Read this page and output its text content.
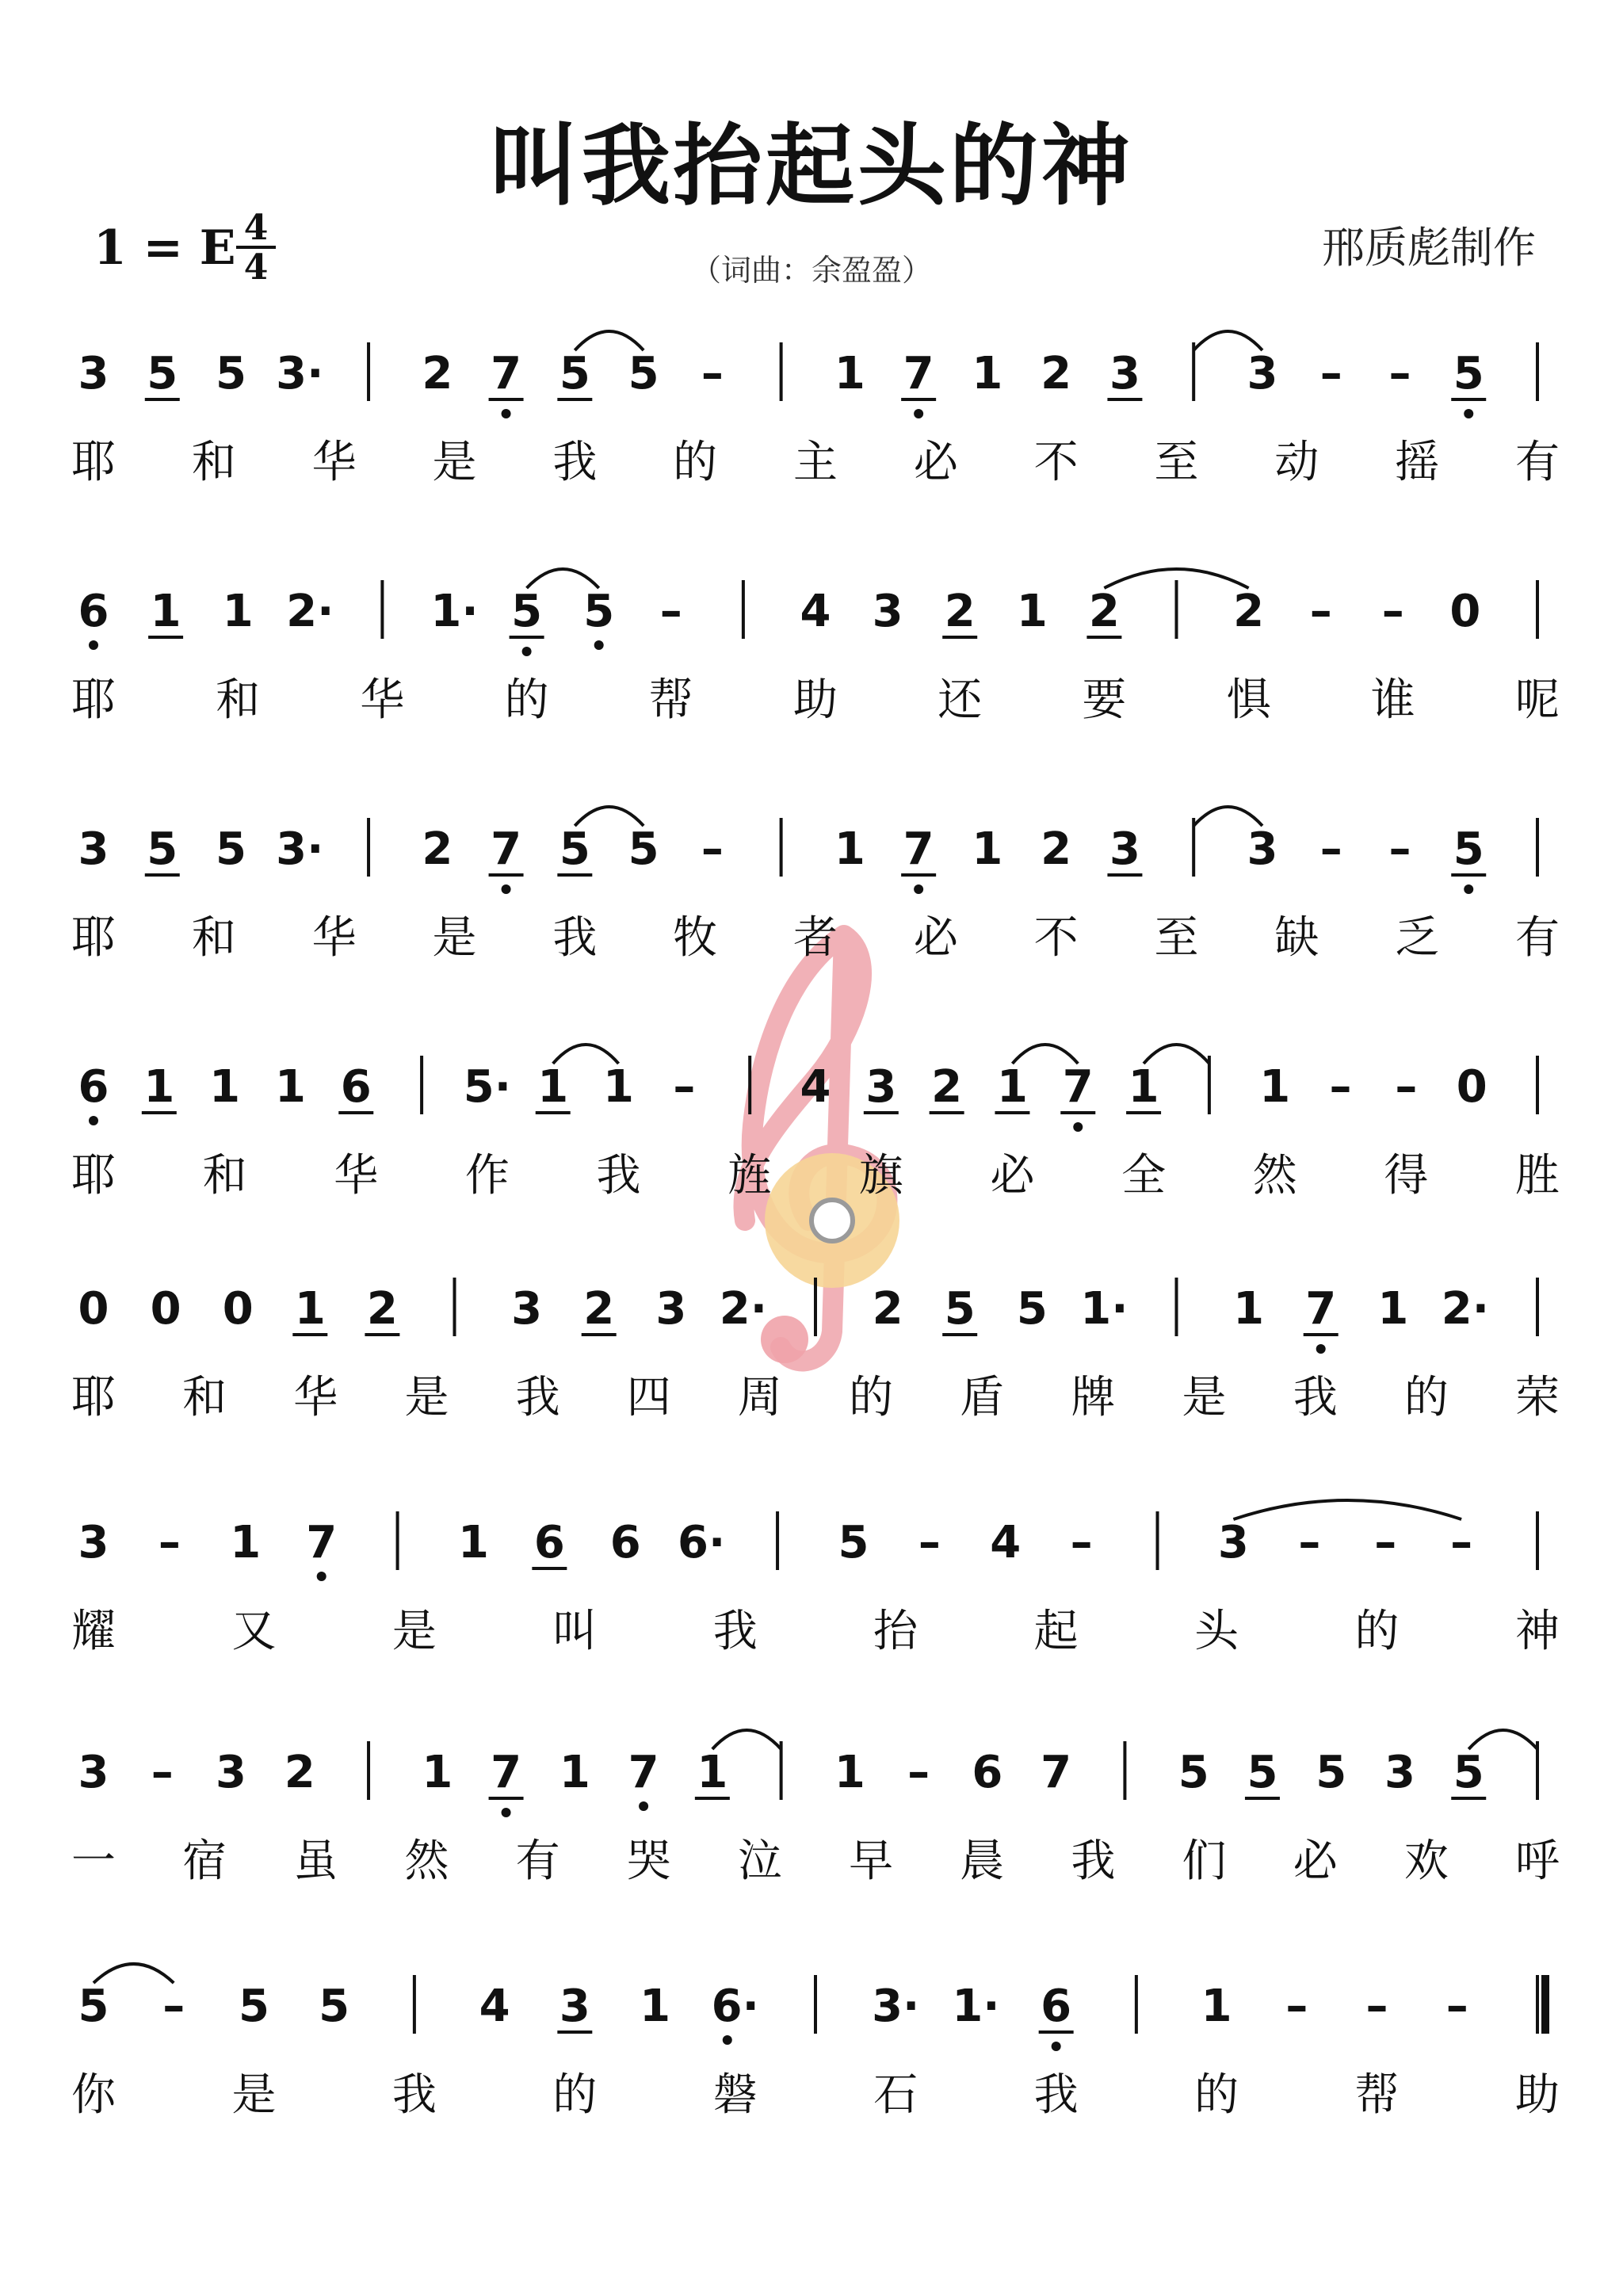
叫我抬起头的神
1 = E 4
4	（词曲：余盈盈）	邢质彪制作
3 5 5 3· 2 7 5 5 –	1 7 1 2 3 3 – – 5
耶 和 华 是 我 的 主 必 不 至 动 摇 有
6 1 1 2· 1· 5 5 –	4 3 2 1 2	2 – – 0
耶 和 华 的 帮 助 还 要 惧 谁 呢
3 5 5 3· 2 7 5 5 –	1 7 1 2 3 3 – – 5
耶 和 华 是 我 牧 者 必 不 至 缺 乏 有
6 1 1 1 6 5· 1 1 – 4 3 2 1 7 1 1 – – 0
耶 和 华 作 我 旌 旗 必 全 然 得 胜
0 0 0 1 2	3 2 3 2· 2 5 5 1· 1 7 1 2·
耶 和 华 是 我 四 周 的 盾 牌 是 我 的 荣
3 – 1 7	1 6 6 6·	5 – 4 –	3 – – –
耀	又	是	叫	我	抬	起	头	的	神
3 – 3 2 1 7 1 7 1 1 – 6 7 5 5 5 3 5
一 宿 虽 然 有 哭 泣 早 晨 我 们 必 欢 呼
5 – 5 5	4 3 1 6·	3· 1· 6	1 – – –
你	是	我	的	磐	石	我	的	帮	助
